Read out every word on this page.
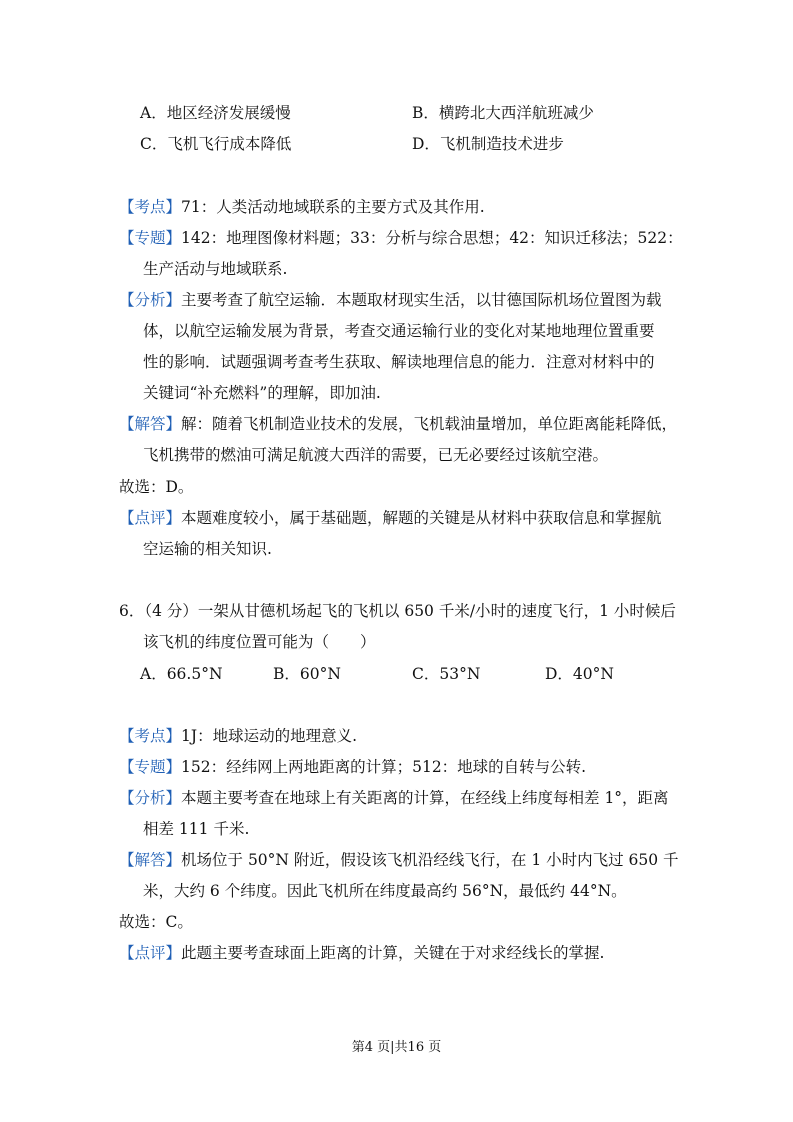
A．地区经济发展缓慢	B．横跨北大西洋航班减少
C．飞机飞行成本降低	D．飞机制造技术进步
【考点】71：人类活动地域联系的主要方式及其作用.
【专题】142：地理图像材料题；33：分析与综合思想；42：知识迁移法；522：
生产活动与地域联系.
【分析】主要考查了航空运输．本题取材现实生活，以甘德国际机场位置图为载
体，以航空运输发展为背景，考查交通运输行业的变化对某地地理位置重要
性的影响．试题强调考查考生获取、解读地理信息的能力．注意对材料中的
关键词“补充燃料”的理解，即加油.
【解答】解：随着飞机制造业技术的发展，飞机载油量增加，单位距离能耗降低，
飞机携带的燃油可满足航渡大西洋的需要，已无必要经过该航空港。
故选：D。
【点评】本题难度较小，属于基础题，解题的关键是从材料中获取信息和掌握航
空运输的相关知识.
6．（4 分）一架从甘德机场起飞的飞机以 650 千米/小时的速度飞行，1 小时候后
该飞机的纬度位置可能为（　　）
A．66.5°N	B．60°N	C．53°N	D．40°N
【考点】1J：地球运动的地理意义.
【专题】152：经纬网上两地距离的计算；512：地球的自转与公转.
【分析】本题主要考查在地球上有关距离的计算，在经线上纬度每相差 1°，距离
相差 111 千米.
【解答】机场位于 50°N 附近，假设该飞机沿经线飞行，在 1 小时内飞过 650 千
米，大约 6 个纬度。因此飞机所在纬度最高约 56°N，最低约 44°N。
故选：C。
【点评】此题主要考查球面上距离的计算，关键在于对求经线长的掌握.
第4 页|共16 页
